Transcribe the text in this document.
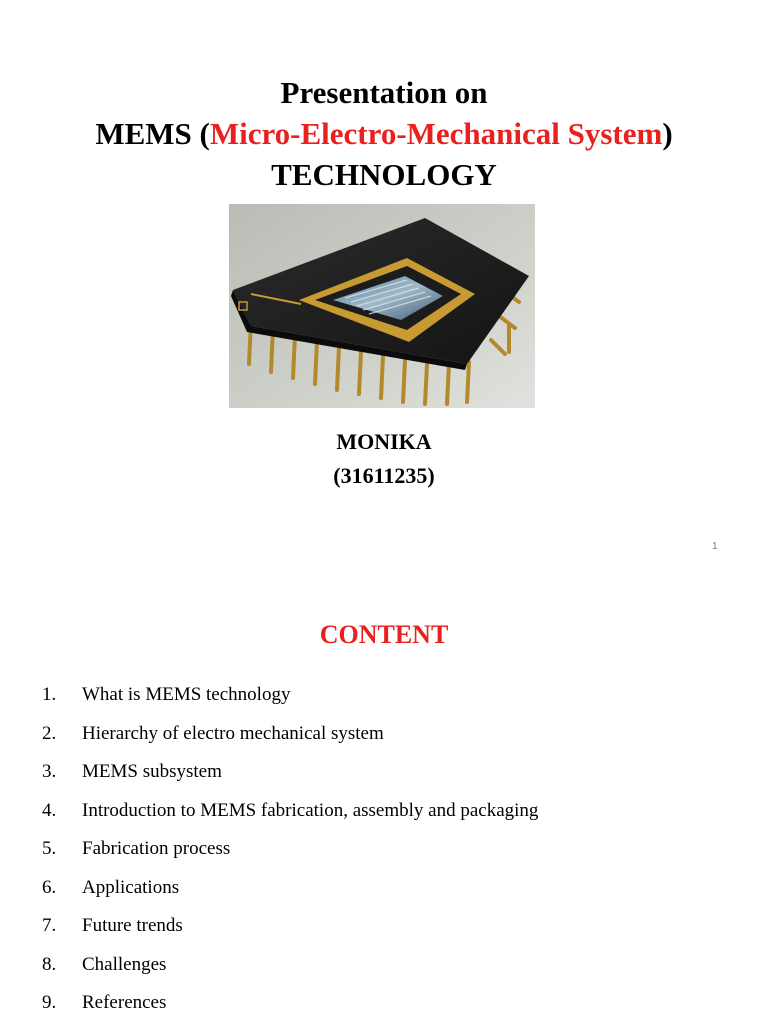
Presentation on
MEMS (Micro-Electro-Mechanical System)
TECHNOLOGY
MONIKA
(31611235)
1
CONTENT
1.	What is MEMS technology
2.	Hierarchy of electro mechanical system
3.	MEMS subsystem
4.	Introduction to MEMS fabrication, assembly and packaging
5.	Fabrication process
6.	Applications
7.	Future trends
8.	Challenges
9.	References
